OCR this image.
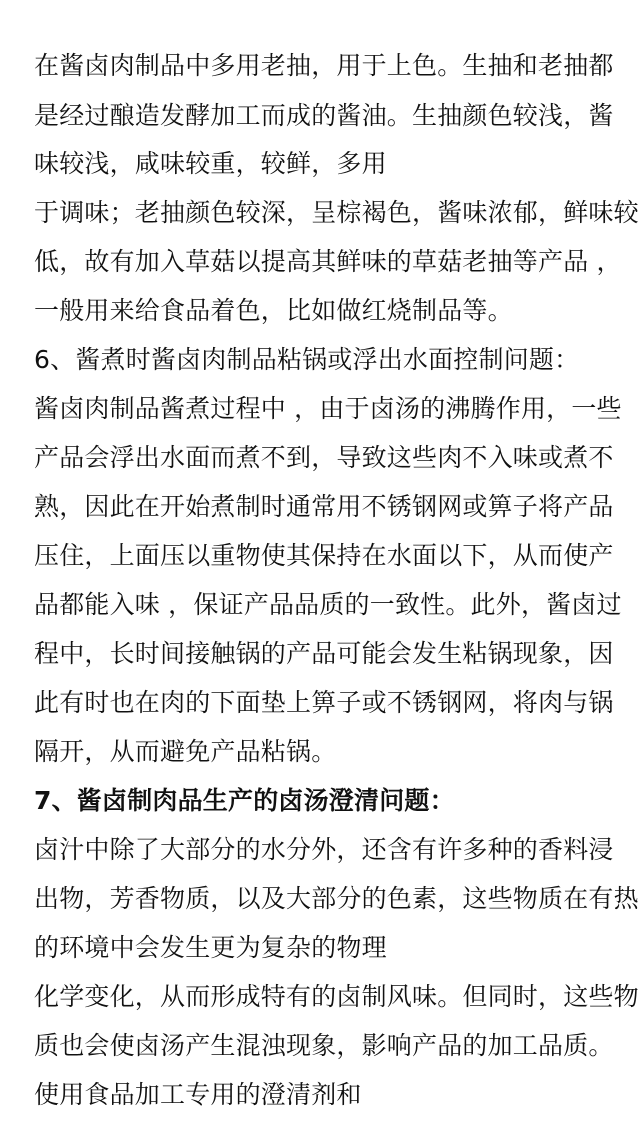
在酱卤肉制品中多用老抽，用于上色。生抽和老抽都

是经过酿造发酵加工而成的酱油。生抽颜色较浅，酱

味较浅，咸味较重，较鲜，多用

于调味；老抽颜色较深，呈棕褐色，酱味浓郁，鲜味较

低，故有加入草菇以提高其鲜味的草菇老抽等产品 ，

一般用来给食品着色，比如做红烧制品等。

6、酱煮时酱卤肉制品粘锅或浮出水面控制问题：

酱卤肉制品酱煮过程中 ，由于卤汤的沸腾作用，一些

产品会浮出水面而煮不到，导致这些肉不入味或煮不

熟，因此在开始煮制时通常用不锈钢网或箅子将产品

压住，上面压以重物使其保持在水面以下，从而使产

品都能入味 ，保证产品品质的一致性。此外，酱卤过

程中，长时间接触锅的产品可能会发生粘锅现象，因

此有时也在肉的下面垫上箅子或不锈钢网，将肉与锅

隔开，从而避免产品粘锅。

7、酱卤制肉品生产的卤汤澄清问题：

卤汁中除了大部分的水分外，还含有许多种的香料浸

出物，芳香物质，以及大部分的色素，这些物质在有热

的环境中会发生更为复杂的物理

化学变化，从而形成特有的卤制风味。但同时，这些物

质也会使卤汤产生混浊现象，影响产品的加工品质。

使用食品加工专用的澄清剂和
